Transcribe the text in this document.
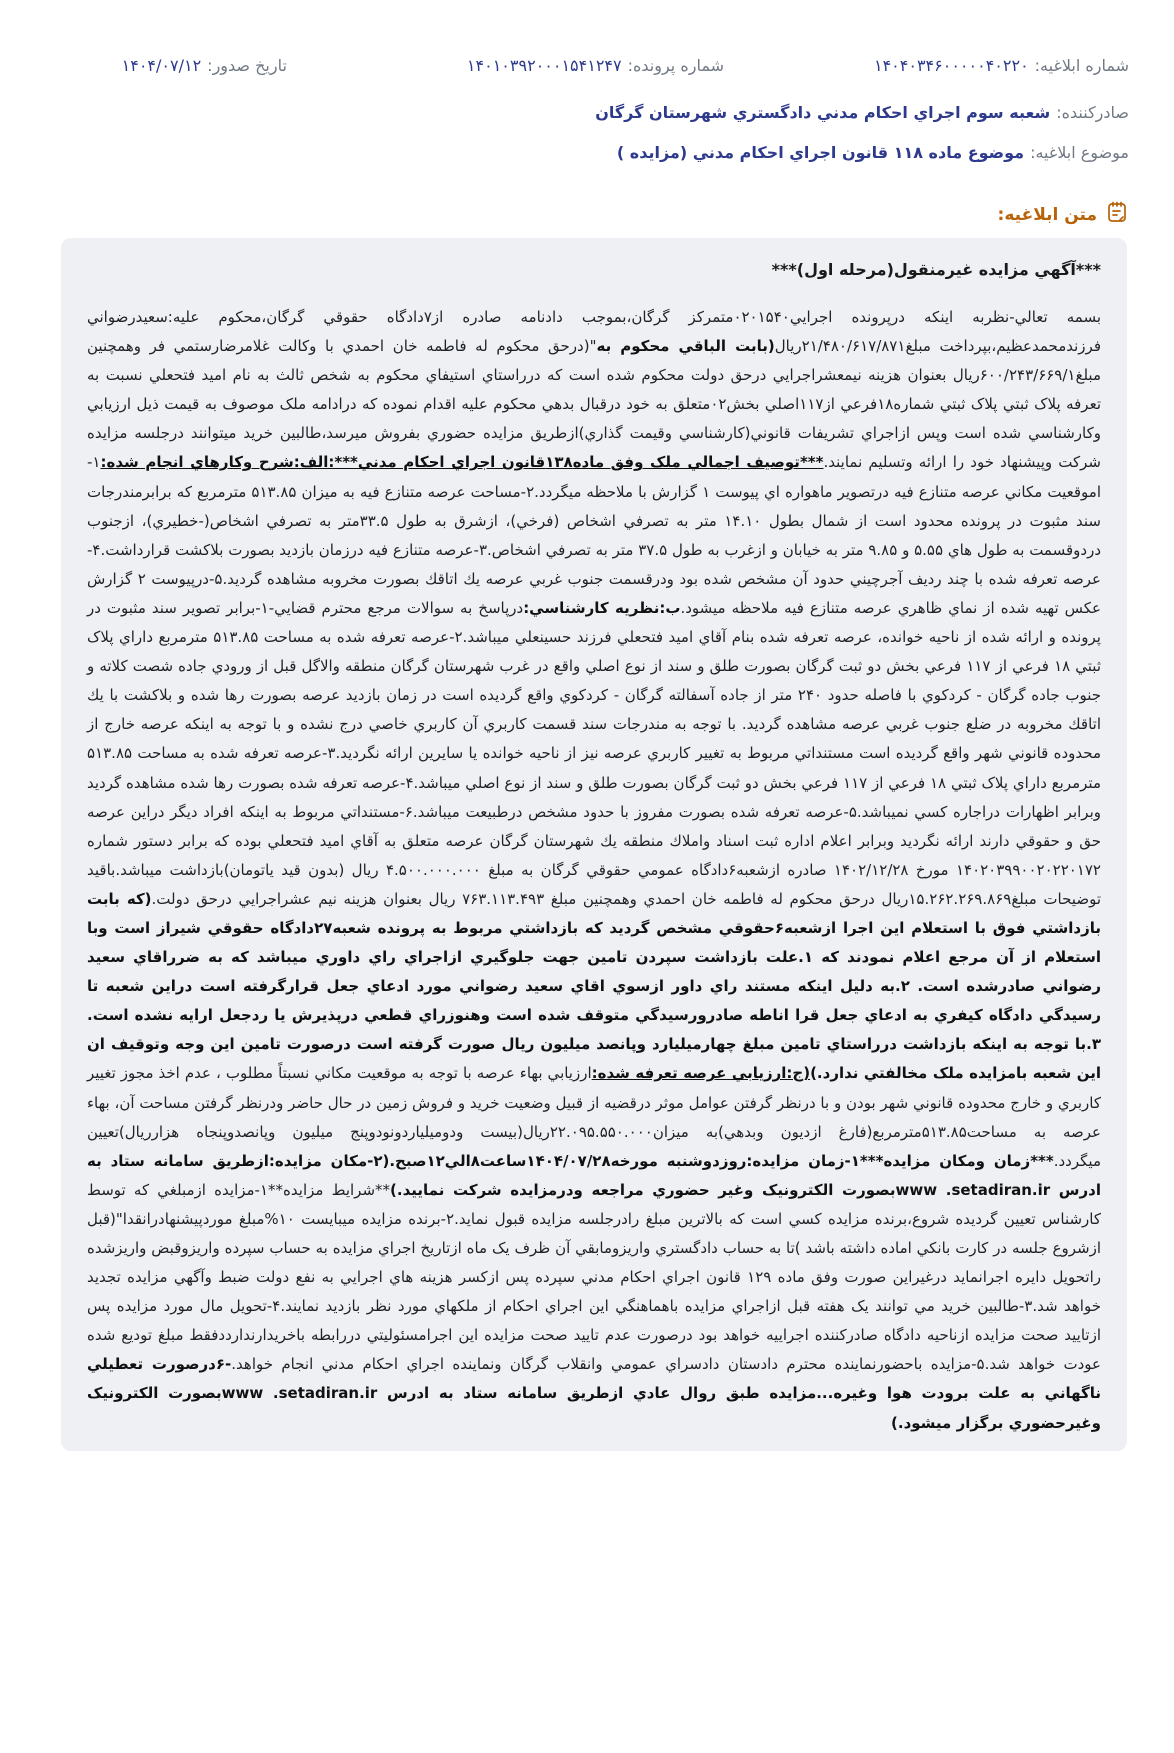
شماره ابلاغيه:
۱۴۰۴۰۳۴۶۰۰۰۰۰۴۰۲۲۰
شماره پرونده:
۱۴۰۱۰۳۹۲۰۰۰۱۵۴۱۲۴۷
تاريخ صدور:
۱۴۰۴/۰۷/۱۲
صادرکننده:
شعبه سوم اجراي احکام مدني دادگستري شهرستان گرگان
موضوع ابلاغيه:
موضوع ماده ۱۱۸ قانون اجراي احکام مدني (مزايده )
متن ابلاغيه:

***آگهي مزايده غيرمنقول(مرحله اول)***

بسمه تعالي-نظربه اينکه درپرونده اجرايي۰۲۰۱۵۴۰متمرکز گرگان،بموجب دادنامه صادره از۷دادگاه حقوقي گرگان،محکوم عليه:سعيدرضواني فرزندمحمدعظيم،بپرداخت مبلغ۲۱/۴۸۰/۶۱۷/۸۷۱ريال(بابت الباقي محکوم به"(درحق محکوم له فاطمه خان احمدي با وکالت غلامرضارستمي فر وهمچنين مبلغ۶۰۰/۲۴۳/۶۶۹/۱ريال بعنوان هزينه نيمعشراجرايي درحق دولت محکوم شده است که درراستاي استيفاي محکوم به شخص ثالث به نام اميد فتحعلي نسبت به تعرفه پلاک ثبتي پلاک ثبتي شماره۱۸فرعي از۱۱۷اصلي بخش۰۲متعلق به خود درقبال بدهي محکوم عليه اقدام نموده که درادامه ملک موصوف به قيمت ذيل ارزيابي وکارشناسي شده است وپس ازاجراي تشريفات قانوني(کارشناسي وقيمت گذاري)ازطريق مزايده حضوري بفروش ميرسد،طالبين خريد ميتوانند درجلسه مزايده شرکت وپيشنهاد خود را ارائه وتسليم نمايند.***توصيف اجمالي ملک وفق ماده۱۳۸قانون اجراي احکام مدني***:الف:شرح وکارهاي انجام شده:۱-اموقعيت مکاني عرصه متنازع فيه درتصوير ماهواره اي پيوست ۱ گزارش با ملاحظه ميگردد.۲-مساحت عرصه متنازع فيه به ميزان ۵۱۳.۸۵ مترمربع که برابرمندرجات سند مثبوت در پرونده محدود است از شمال بطول ۱۴.۱۰ متر به تصرفي اشخاص (فرخي)، ازشرق به طول ۳۳.۵متر به تصرفي اشخاص(-خطيري)، ازجنوب دردوقسمت به طول هاي ۵.۵۵ و ۹.۸۵ متر به خيابان و ازغرب به طول ۳۷.۵ متر به تصرفي اشخاص.۳-عرصه متنازع فيه درزمان بازديد بصورت بلاکشت قرارداشت.۴-عرصه تعرفه شده با چند رديف آجرچيني حدود آن مشخص شده بود ودرقسمت جنوب غربي عرصه يك اتاقك بصورت مخروبه مشاهده گرديد.۵-درپيوست ۲ گزارش عکس تهيه شده از نماي ظاهري عرصه متنازع فيه ملاحظه ميشود.ب:نظريه کارشناسي:درپاسخ به سوالات مرجع محترم قضايي-۱-برابر تصوير سند مثبوت در پرونده و ارائه شده از ناحيه خوانده، عرصه تعرفه شده بنام آقاي اميد فتحعلي فرزند حسينعلي ميباشد.۲-عرصه تعرفه شده به مساحت ۵۱۳.۸۵ مترمربع داراي پلاک ثبتي ۱۸ فرعي از ۱۱۷ فرعي بخش دو ثبت گرگان بصورت طلق و سند از نوع اصلي واقع در غرب شهرستان گرگان منطقه والاگل قبل از ورودي جاده شصت کلاته و جنوب جاده گرگان - کردکوي با فاصله حدود ۲۴۰ متر از جاده آسفالته گرگان - کردکوي واقع گرديده است در زمان بازديد عرصه بصورت رها شده و بلاکشت با يك اتاقك مخروبه در ضلع جنوب غربي عرصه مشاهده گرديد. با توجه به مندرجات سند قسمت کاربري آن کاربري خاصي درج نشده و با توجه به اينکه عرصه خارج از محدوده قانوني شهر واقع گرديده است مستنداتي مربوط به تغيير کاربري عرصه نيز از ناحيه خوانده يا سايرين ارائه نگرديد.۳-عرصه تعرفه شده به مساحت ۵۱۳.۸۵ مترمربع داراي پلاک ثبتي ۱۸ فرعي از ۱۱۷ فرعي بخش دو ثبت گرگان بصورت طلق و سند از نوع اصلي ميباشد.۴-عرصه تعرفه شده بصورت رها شده مشاهده گرديد وبرابر اظهارات دراجاره کسي نميباشد.۵-عرصه تعرفه شده بصورت مفروز با حدود مشخص درطبيعت ميباشد.۶-مستنداتي مربوط به اينکه افراد ديگر دراين عرصه حق و حقوقي دارند ارائه نگرديد وبرابر اعلام اداره ثبت اسناد واملاك منطقه يك شهرستان گرگان عرصه متعلق به آقاي اميد فتحعلي بوده که برابر دستور شماره ۱۴۰۲۰۳۹۹۰۰۲۰۲۲۰۱۷۲ مورخ ۱۴۰۲/۱۲/۲۸ صادره ازشعبه۶دادگاه عمومي حقوقي گرگان به مبلغ ۴.۵۰۰.۰۰۰.۰۰۰ ريال (بدون قيد ياتومان)بازداشت ميباشد.باقيد توضيحات مبلغ۱۵.۲۶۲.۲۶۹.۸۶۹ريال درحق محکوم له فاطمه خان احمدي وهمچنين مبلغ ۷۶۳.۱۱۳.۴۹۳ ريال بعنوان هزينه نيم عشراجرايي درحق دولت.(که بابت بازداشتي فوق با استعلام اين اجرا ازشعبه۶حقوقي مشخص گرديد که بازداشتي مربوط به پرونده شعبه۲۷دادگاه حقوقي شيراز است وبا استعلام از آن مرجع اعلام نمودند که ۱.علت بازداشت سپردن تامين جهت جلوگيري ازاجراي راي داوري ميباشد که به ضرراقاي سعيد رضواني صادرشده است. ۲.به دليل اينکه مستند راي داور ازسوي اقاي سعيد رضواني مورد ادعاي جعل قرارگرفته است دراين شعبه تا رسيدگي دادگاه کيفري به ادعاي جعل قرا اناطه صادرورسيدگي متوقف شده است وهنوزراي قطعي درپذيرش يا ردجعل ارايه نشده است. ۳.با توجه به اينکه بازداشت درراستاي تامين مبلغ چهارميليارد وپانصد ميليون ريال صورت گرفته است درصورت تامين اين وجه وتوقيف ان اين شعبه بامزايده ملک مخالفتي ندارد.)(ج:ارزيابي عرصه تعرفه شده:ارزيابي بهاء عرصه با توجه به موقعيت مكاني نسبتاً مطلوب ، عدم اخذ مجوز تغيير کاربري و خارج محدوده قانوني شهر بودن و با درنظر گرفتن عوامل موثر درقضيه از قبيل وضعيت خريد و فروش زمين در حال حاضر ودرنظر گرفتن مساحت آن، بهاء عرصه به مساحت۵۱۳.۸۵مترمربع(فارغ ازديون وبدهي)به ميزان۲۲.۰۹۵.۵۵۰.۰۰۰ريال(بيست ودوميلياردونودوپنج ميليون وپانصدوپنجاه هزارريال)تعيين ميگردد.***زمان ومکان مزايده***۱-زمان مزايده:روزدوشنبه مورخه۱۴۰۴/۰۷/۲۸ساعت۸الي۱۲صبح.(۲-مکان مزايده:ازطريق سامانه ستاد به ادرس www .setadiran.irبصورت الکترونيک وغير حضوري مراجعه ودرمزايده شرکت نماييد.)**شرايط مزايده**۱-مزايده ازمبلغي که توسط کارشناس تعيين گرديده شروع،برنده مزايده کسي است که بالاترين مبلغ رادرجلسه مزايده قبول نمايد.۲-برنده مزايده ميبايست ۱۰%مبلغ موردپيشنهادرانقدا"(قبل ازشروع جلسه در کارت بانکي اماده داشته باشد )تا به حساب دادگستري واريزومابقي آن ظرف يک ماه ازتاريخ اجراي مزايده به حساب سپرده واريزوقبض واريزشده راتحويل دايره اجرانمايد درغيراين صورت وفق ماده ۱۲۹ قانون اجراي احکام مدني سپرده پس ازکسر هزينه هاي اجرايي به نفع دولت ضبط وآگهي مزايده تجديد خواهد شد.۳-طالبين خريد مي توانند يک هفته قبل ازاجراي مزايده باهماهنگي اين اجراي احکام از ملکهاي مورد نظر بازديد نمايند.۴-تحويل مال مورد مزايده پس ازتاييد صحت مزايده ازناحيه دادگاه صادرکننده اجراييه خواهد بود درصورت عدم تاييد صحت مزايده اين اجرامسئوليتي دررابطه باخريدارندارددفقط مبلغ توديع شده عودت خواهد شد.۵-مزايده باحضورنماينده محترم دادستان دادسراي عمومي وانقلاب گرگان ونماينده اجراي احکام مدني انجام خواهد.-۶درصورت تعطيلي ناگهاني به علت برودت هوا وغيره...مزايده طبق روال عادي ازطريق سامانه ستاد به ادرس www .setadiran.irبصورت الکترونيک وغيرحضوري برگزار ميشود.)
